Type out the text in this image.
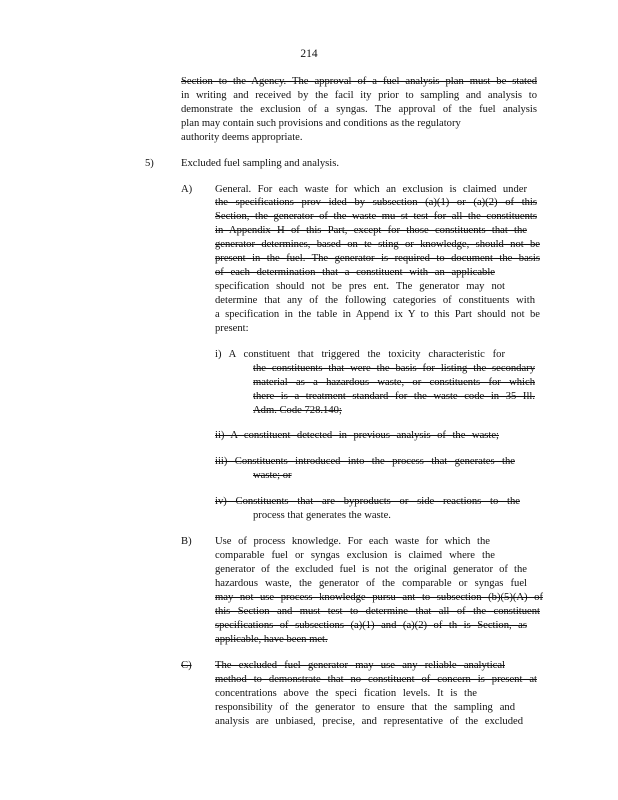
214

Section to the Agency. The approval of a fuel analysis plan must be stated

in writing and received by the facil ity prior to sampling and analysis to

demonstrate the exclusion of a syngas. The approval of the fuel analysis

plan may contain such provisions and conditions as the regulatory

authority deems appropriate.

5)	Excluded fuel sampling and analysis.
A) General. For each waste for which an exclusion is claimed under

the specifications prov ided by subsection (a)(1) or (a)(2) of this

Section, the generator of the waste mu st test for all the constituents

in Appendix H of this Part, except for those constituents that the

generator determines, based on te sting or knowledge, should not be

present in the fuel. The generator is required to document the basis

of each determination that a constituent with an applicable

specification should not be pres ent. The generator may not

determine that any of the following categories of constituents with

a specification in the table in Append ix Y to this Part should not be

present:

i) A constituent that triggered the toxicity characteristic for

the constituents that were the basis for listing the secondary

material as a hazardous waste, or constituents for which

there is a treatment standard for the waste code in 35 Ill.

Adm. Code 728.140;

ii) A constituent detected in previous analysis of the waste;

iii) Constituents introduced into the process that generates the

waste; or

iv) Constituents that are byproducts or side reactions to the

process that generates the waste.

B) Use of process knowledge. For each waste for which the

comparable fuel or syngas exclusion is claimed where the

generator of the excluded fuel is not the original generator of the

hazardous waste, the generator of the comparable or syngas fuel

may not use process knowledge pursu ant to subsection (b)(5)(A) of

this Section and must test to determine that all of the constituent

specifications of subsections (a)(1) and (a)(2) of th is Section, as

applicable, have been met.

C) The excluded fuel generator may use any reliable analytical

method to demonstrate that no constituent of concern is present at

concentrations above the speci fication levels. It is the

responsibility of the generator to ensure that the sampling and

analysis are unbiased, precise, and representative of the excluded
